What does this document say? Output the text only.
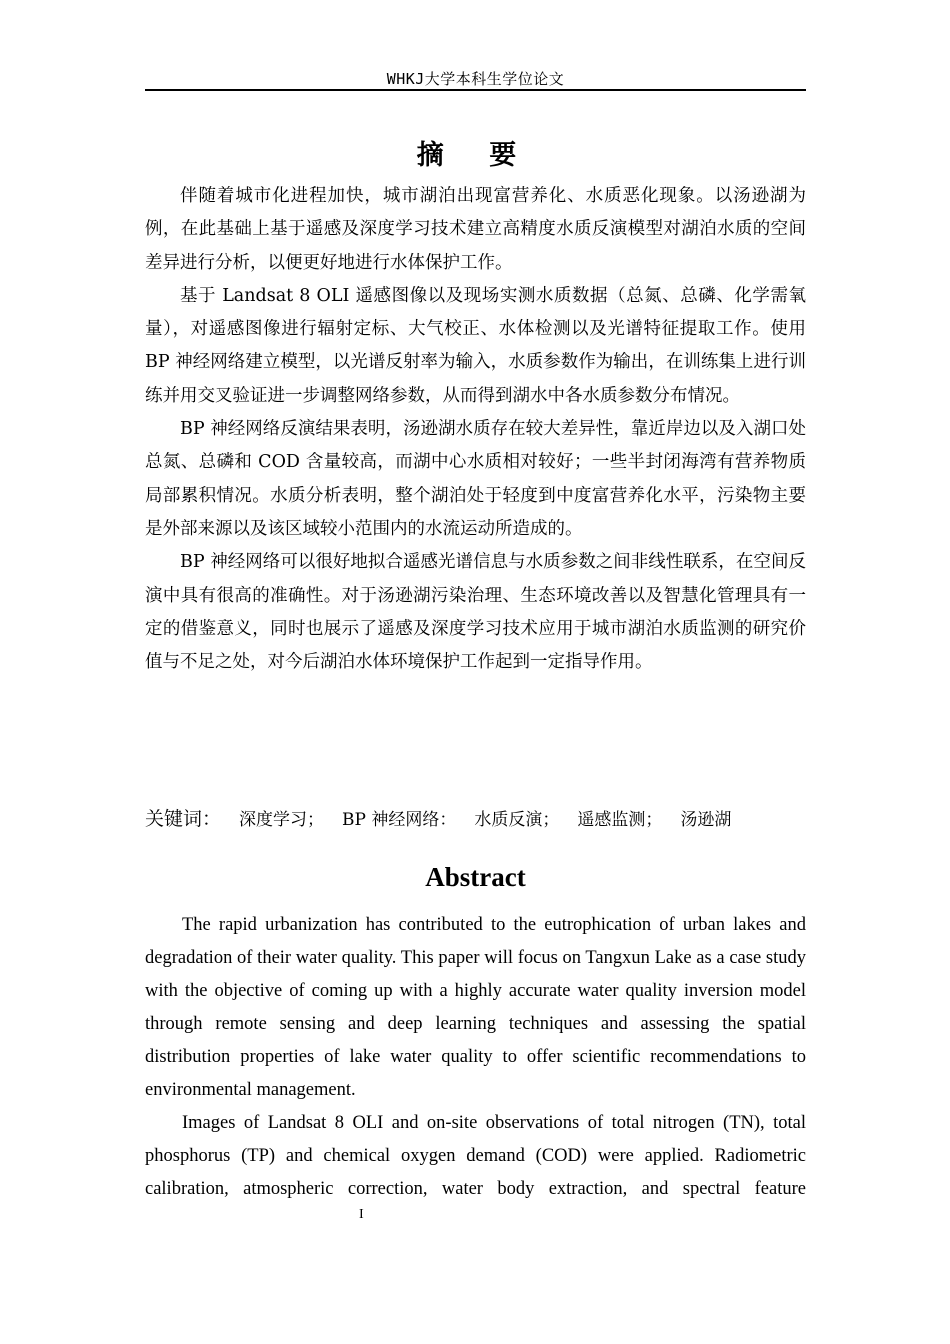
WHKJ大学本科生学位论文
摘 要

伴随着城市化进程加快，城市湖泊出现富营养化、水质恶化现象。以汤逊湖为例，在此基础上基于遥感及深度学习技术建立高精度水质反演模型对湖泊水质的空间差异进行分析，以便更好地进行水体保护工作。

基于 Landsat 8 OLI 遥感图像以及现场实测水质数据（总氮、总磷、化学需氧量），对遥感图像进行辐射定标、大气校正、水体检测以及光谱特征提取工作。使用 BP 神经网络建立模型，以光谱反射率为输入，水质参数作为输出，在训练集上进行训练并用交叉验证进一步调整网络参数，从而得到湖水中各水质参数分布情况。

BP 神经网络反演结果表明，汤逊湖水质存在较大差异性，靠近岸边以及入湖口处总氮、总磷和 COD 含量较高，而湖中心水质相对较好；一些半封闭海湾有营养物质局部累积情况。水质分析表明，整个湖泊处于轻度到中度富营养化水平，污染物主要是外部来源以及该区域较小范围内的水流运动所造成的。

BP 神经网络可以很好地拟合遥感光谱信息与水质参数之间非线性联系，在空间反演中具有很高的准确性。对于汤逊湖污染治理、生态环境改善以及智慧化管理具有一定的借鉴意义，同时也展示了遥感及深度学习技术应用于城市湖泊水质监测的研究价值与不足之处，对今后湖泊水体环境保护工作起到一定指导作用。

关键词： 深度学习； BP 神经网络： 水质反演； 遥感监测； 汤逊湖
Abstract

The rapid urbanization has contributed to the eutrophication of urban lakes and degradation of their water quality. This paper will focus on Tangxun Lake as a case study with the objective of coming up with a highly accurate water quality inversion model through remote sensing and deep learning techniques and assessing the spatial distribution properties of lake water quality to offer scientific recommendations to environmental management.

Images of Landsat 8 OLI and on-site observations of total nitrogen (TN), total phosphorus (TP) and chemical oxygen demand (COD) were applied. Radiometric calibration, atmospheric correction, water body extraction, and spectral feature

I
